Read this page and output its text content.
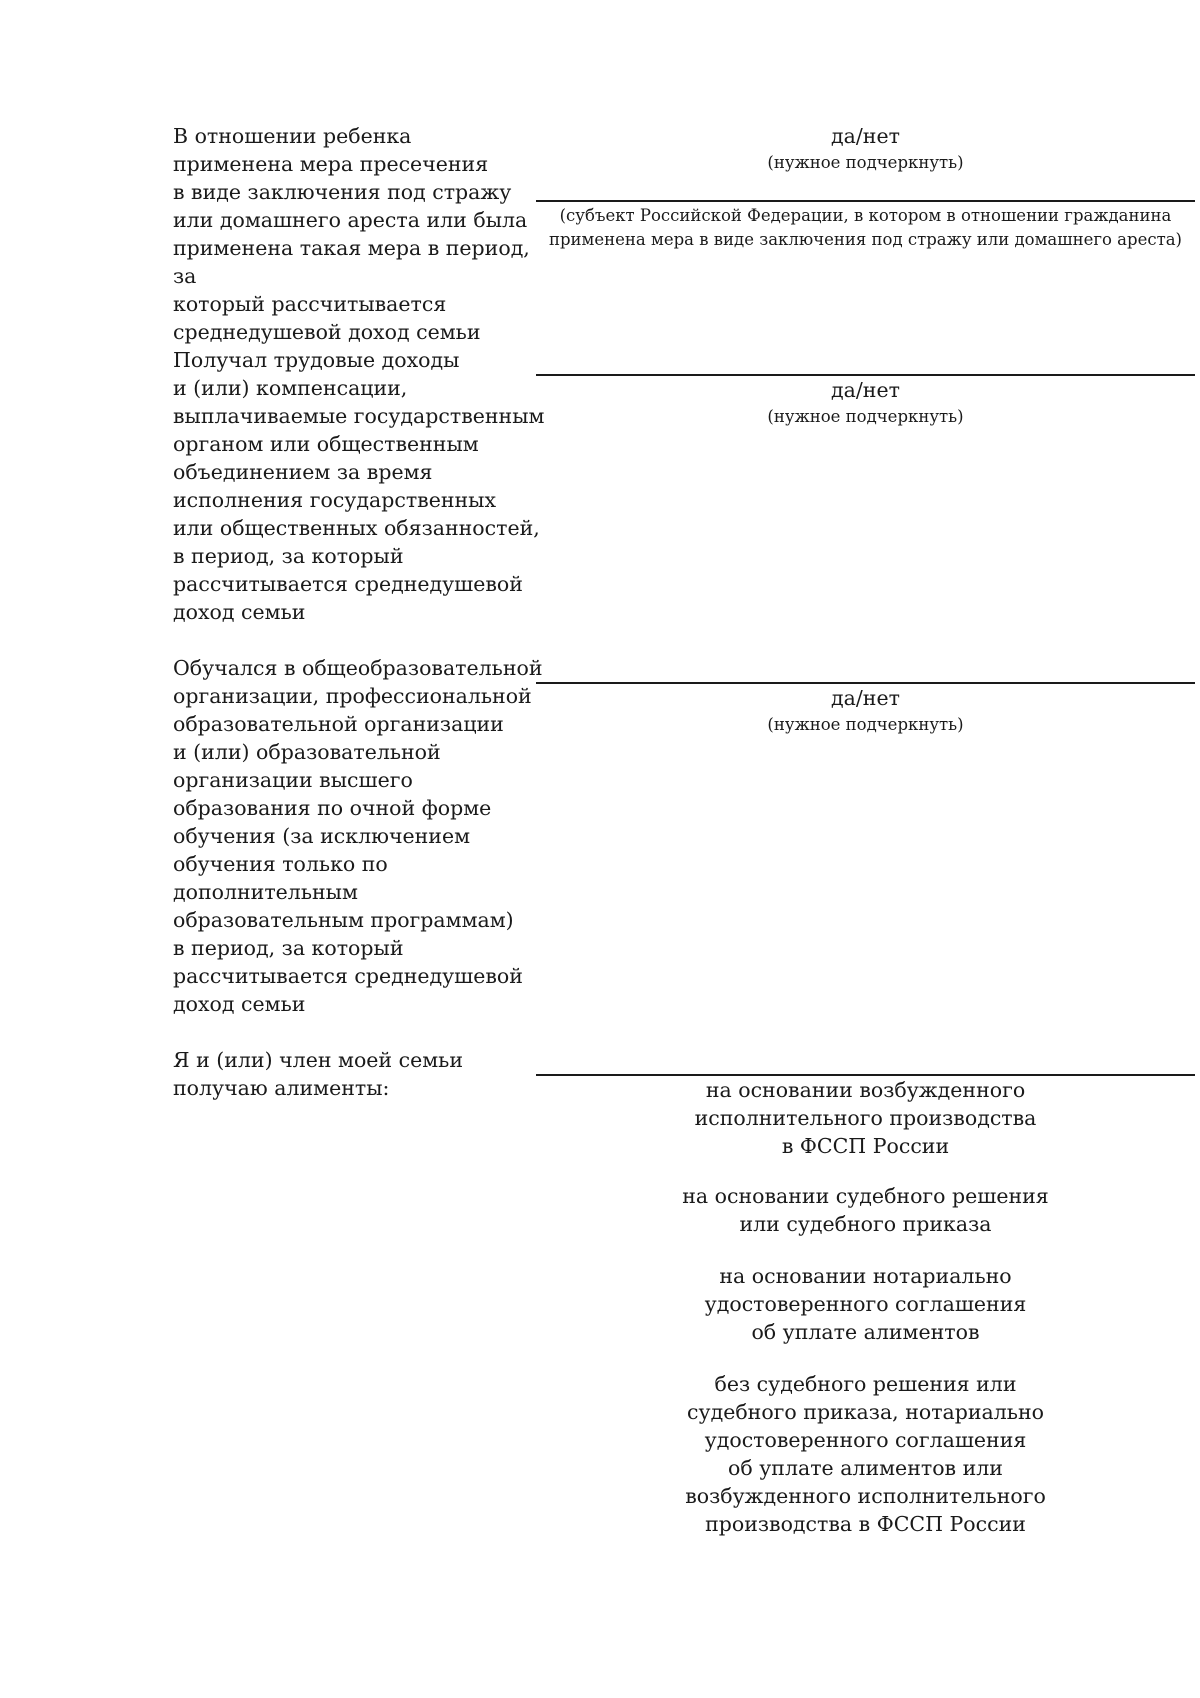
В отношении ребенка
применена мера пресечения
в виде заключения под стражу
или домашнего ареста или была
применена такая мера в период, за
который рассчитывается
среднедушевой доход семьи
да/нет
(нужное подчеркнуть)
(субъект Российской Федерации, в котором в отношении гражданина
применена мера в виде заключения под стражу или домашнего ареста)
Получал трудовые доходы
и (или) компенсации,
выплачиваемые государственным
органом или общественным
объединением за время
исполнения государственных
или общественных обязанностей,
в период, за который
рассчитывается среднедушевой
доход семьи
да/нет
(нужное подчеркнуть)
Обучался в общеобразовательной
организации, профессиональной
образовательной организации
и (или) образовательной
организации высшего
образования по очной форме
обучения (за исключением
обучения только по
дополнительным
образовательным программам)
в период, за который
рассчитывается среднедушевой
доход семьи
да/нет
(нужное подчеркнуть)
Я и (или) член моей семьи
получаю алименты:	на основании возбужденного
исполнительного производства
в ФССП России
на основании судебного решения
или судебного приказа
на основании нотариально
удостоверенного соглашения
об уплате алиментов
без судебного решения или
судебного приказа, нотариально
удостоверенного соглашения
об уплате алиментов или
возбужденного исполнительного
производства в ФССП России
